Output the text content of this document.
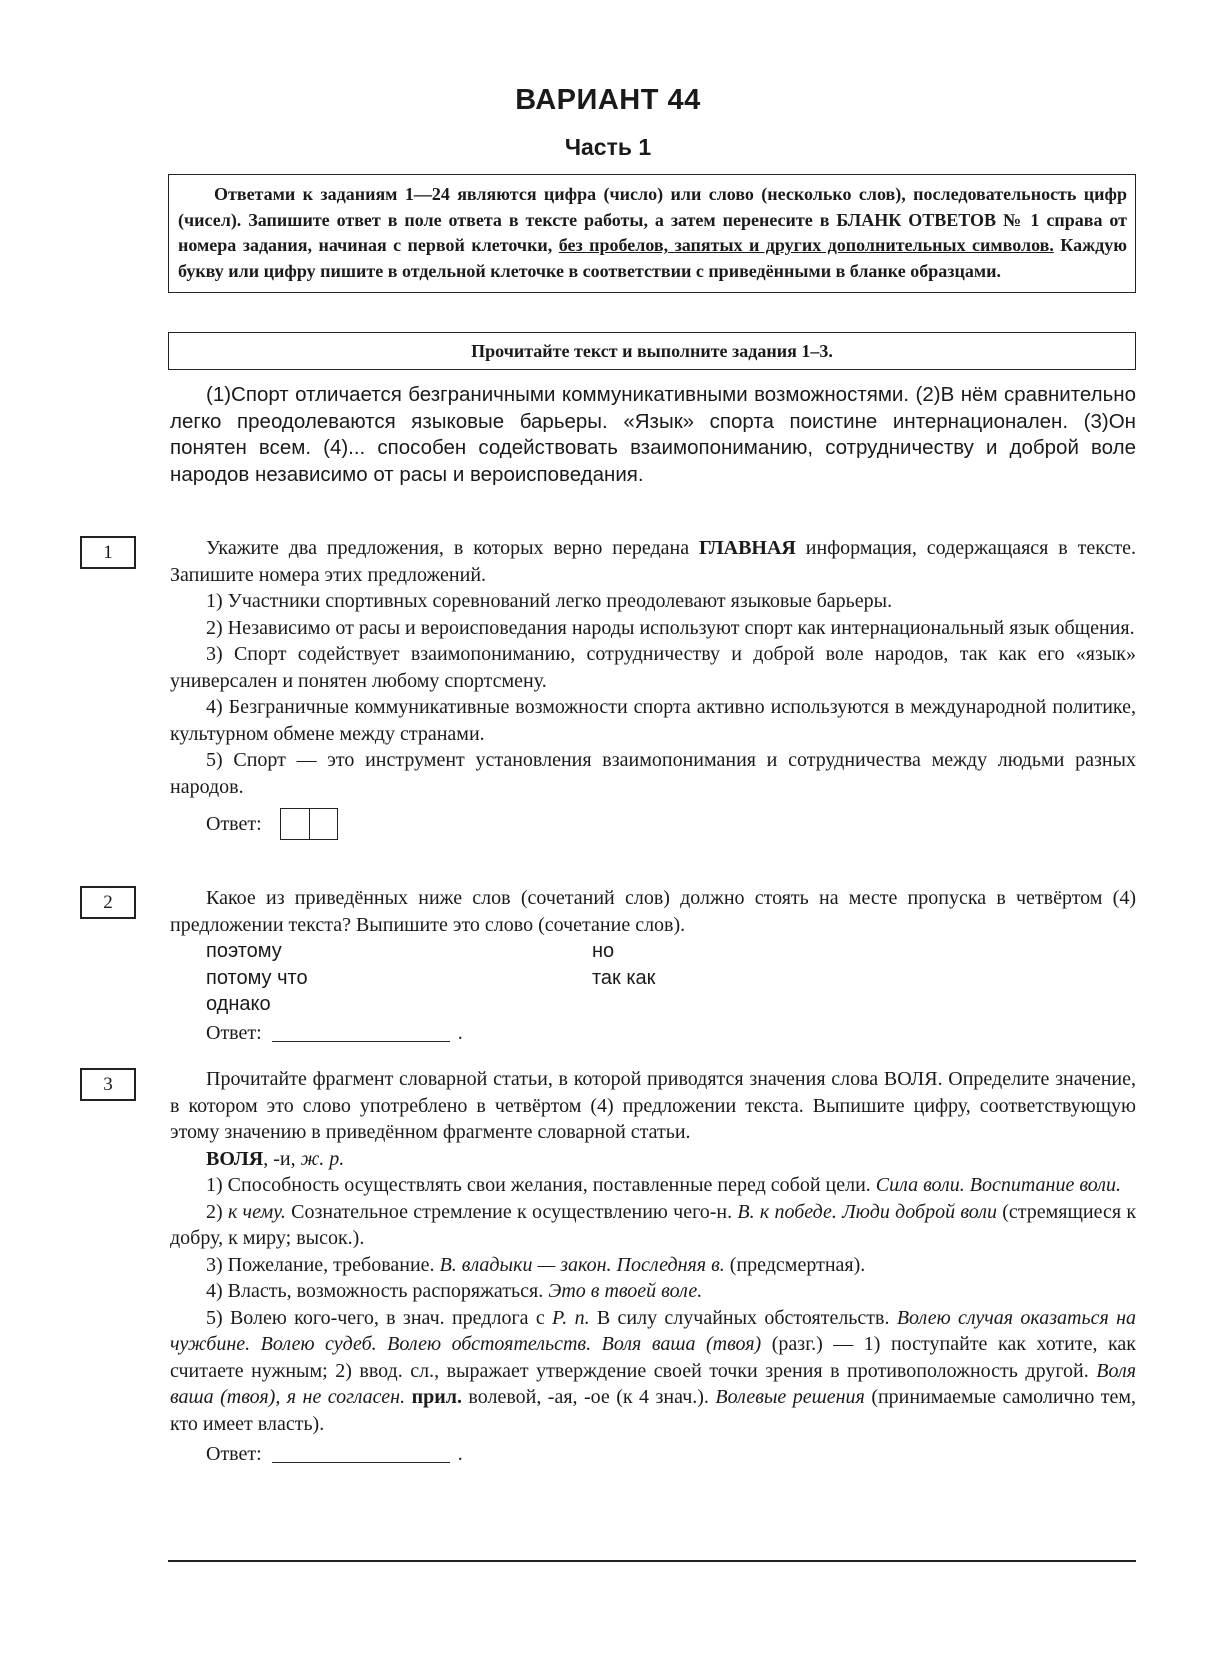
ВАРИАНТ 44
Часть 1
Ответами к заданиям 1—24 являются цифра (число) или слово (несколько слов), последовательность цифр (чисел). Запишите ответ в поле ответа в тексте работы, а затем перенесите в БЛАНК ОТВЕТОВ № 1 справа от номера задания, начиная с первой клеточки, без пробелов, запятых и других дополнительных символов. Каждую букву или цифру пишите в отдельной клеточке в соответствии с приведёнными в бланке образцами.
Прочитайте текст и выполните задания 1–3.
(1)Спорт отличается безграничными коммуникативными возможностями. (2)В нём сравнительно легко преодолеваются языковые барьеры. «Язык» спорта поистине интернационален. (3)Он понятен всем. (4)... способен содействовать взаимопониманию, сотрудничеству и доброй воле народов независимо от расы и вероисповедания.
1	Укажите два предложения, в которых верно передана ГЛАВНАЯ информация, содержащаяся в тексте. Запишите номера этих предложений.

1) Участники спортивных соревнований легко преодолевают языковые барьеры.

2) Независимо от расы и вероисповедания народы используют спорт как интернациональный язык общения.

3) Спорт содействует взаимопониманию, сотрудничеству и доброй воле народов, так как его «язык» универсален и понятен любому спортсмену.

4) Безграничные коммуникативные возможности спорта активно используются в международной политике, культурном обмене между странами.

5) Спорт — это инструмент установления взаимопонимания и сотрудничества между людьми разных народов.

Ответ:
2	Какое из приведённых ниже слов (сочетаний слов) должно стоять на месте пропуска в четвёртом (4) предложении текста? Выпишите это слово (сочетание слов).

поэтому	но
потому что	так как
однако
Ответ:	.
3	Прочитайте фрагмент словарной статьи, в которой приводятся значения слова ВОЛЯ. Определите значение, в котором это слово употреблено в четвёртом (4) предложении текста. Выпишите цифру, соответствующую этому значению в приведённом фрагменте словарной статьи.

ВОЛЯ, -и, ж. р.

1) Способность осуществлять свои желания, поставленные перед собой цели. Сила воли. Воспитание воли.

2) к чему. Сознательное стремление к осуществлению чего-н. В. к победе. Люди доброй воли (стремящиеся к добру, к миру; высок.).

3) Пожелание, требование. В. владыки — закон. Последняя в. (предсмертная).

4) Власть, возможность распоряжаться. Это в твоей воле.

5) Волею кого-чего, в знач. предлога с Р. п. В силу случайных обстоятельств. Волею случая оказаться на чужбине. Волею судеб. Волею обстоятельств. Воля ваша (твоя) (разг.) — 1) поступайте как хотите, как считаете нужным; 2) ввод. сл., выражает утверждение своей точки зрения в противоположность другой. Воля ваша (твоя), я не согласен. прил. волевой, -ая, -ое (к 4 знач.). Волевые решения (принимаемые самолично тем, кто имеет власть).

Ответ:	.
